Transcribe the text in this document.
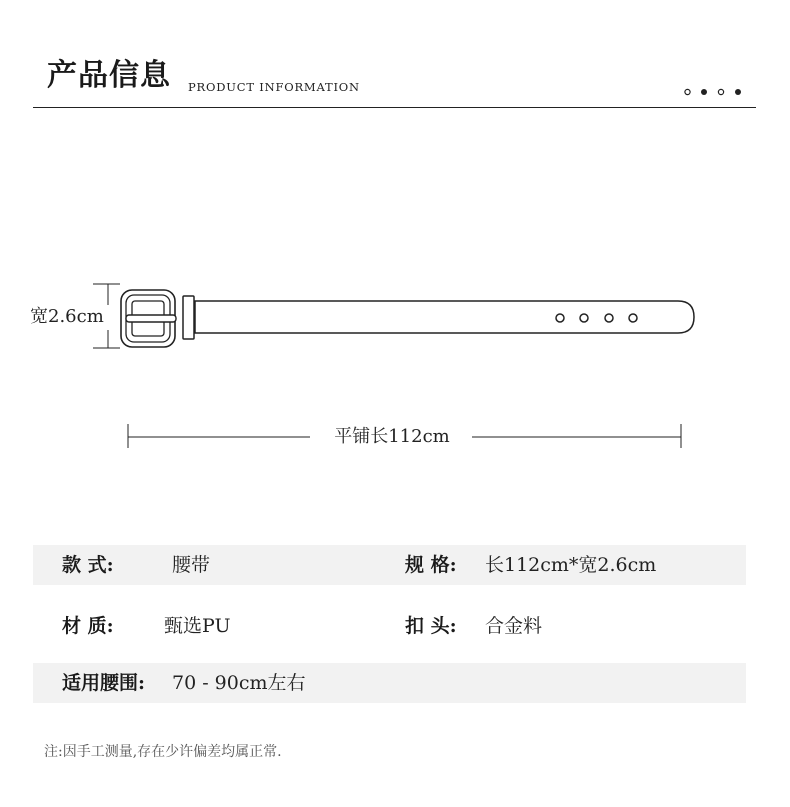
产品信息 PRODUCT INFORMATION
宽2.6cm
平铺长112cm
款 式:	腰带	规 格: 长112cm*宽2.6cm
材 质:	甄选PU	扣 头: 合金料
适用腰围: 70 - 90cm左右
注:因手工测量,存在少许偏差均属正常.
